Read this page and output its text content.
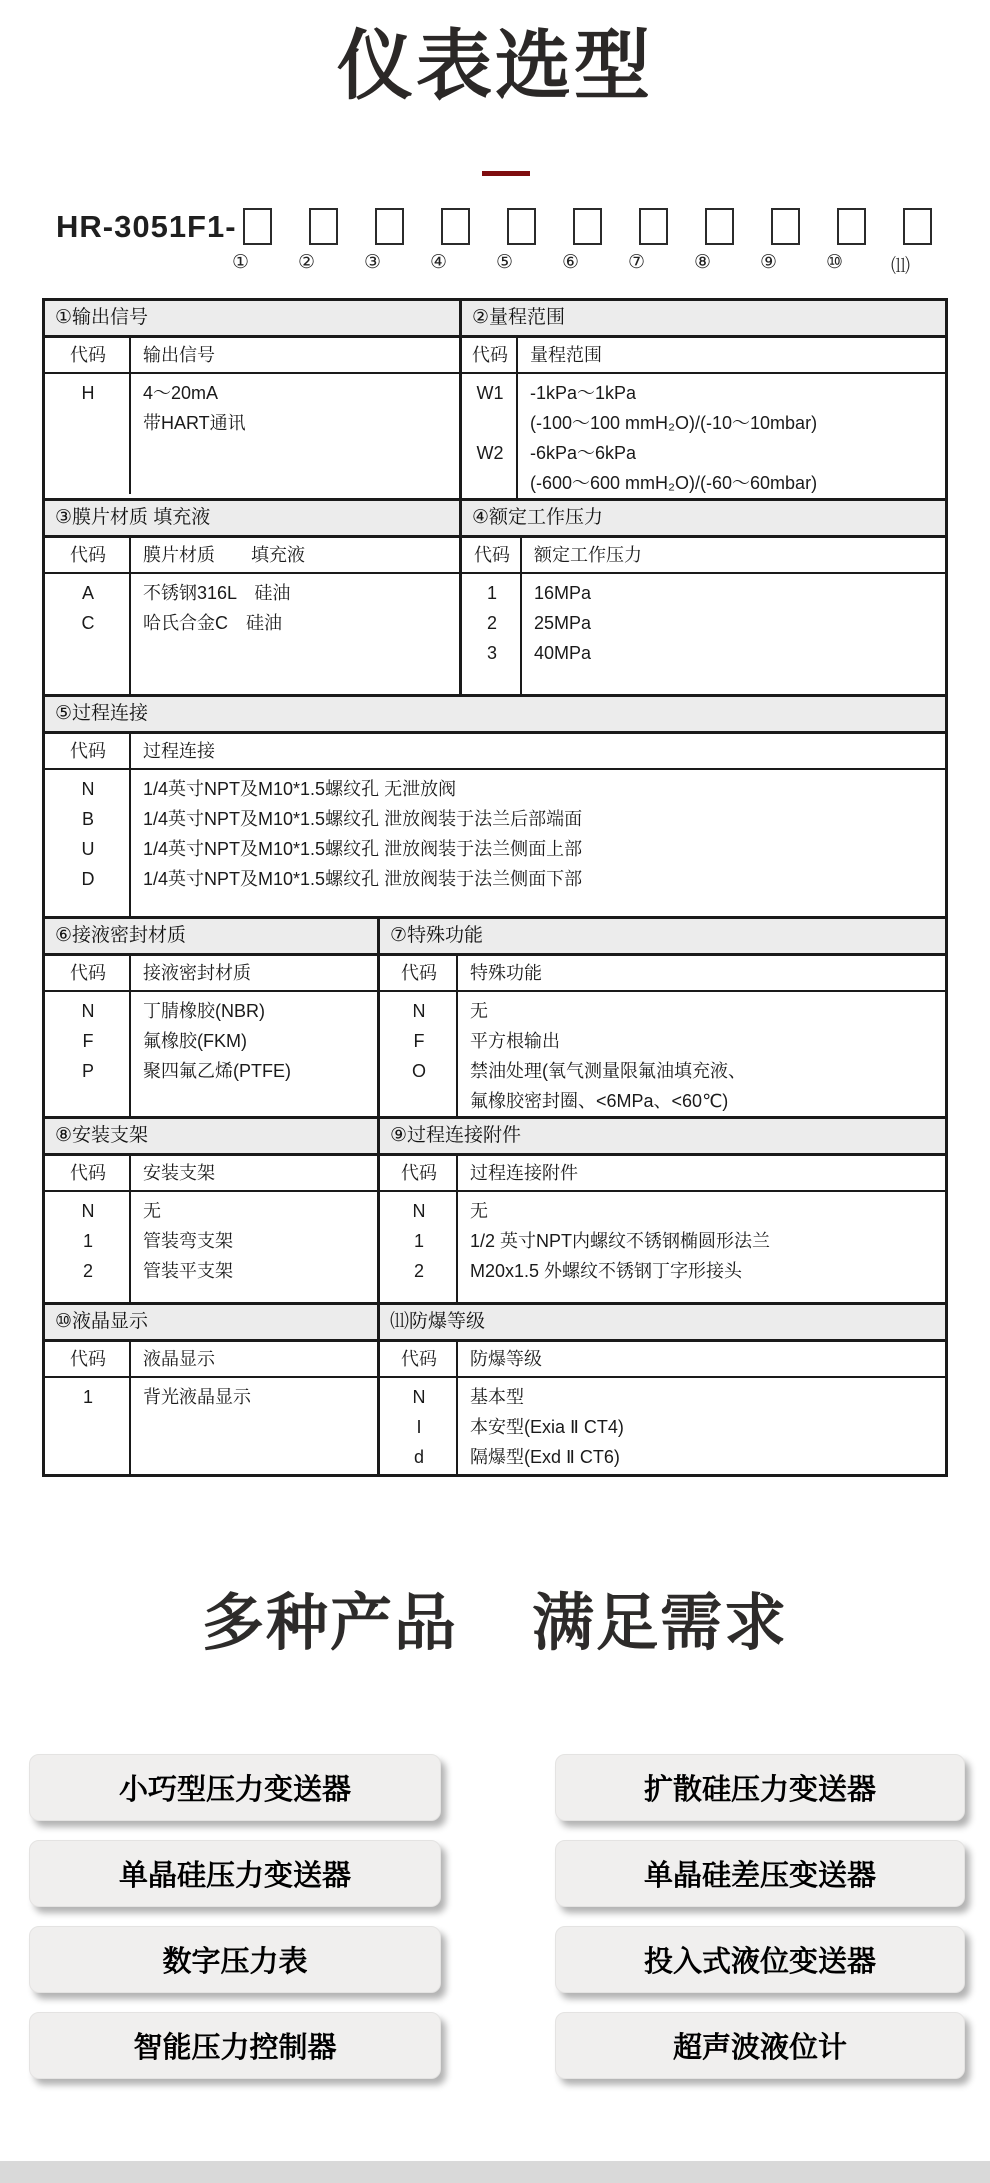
仪表选型
HR-3051F1-
①	②	③	④	⑤	⑥	⑦	⑧	⑨	⑩	⑾
①输出信号
代码	输出信号
H	4～20mA
带HART通讯
②量程范围
代码	量程范围
W1	-1kPa～1kPa
(-100～100 mmH₂O)/(-10～10mbar)
W2	-6kPa～6kPa
(-600～600 mmH₂O)/(-60～60mbar)
③膜片材质 填充液
代码	膜片材质　　填充液
A	不锈钢316L　硅油
C	哈氏合金C　硅油
④额定工作压力
代码	额定工作压力
1	16MPa
2	25MPa
3	40MPa
⑤过程连接
代码	过程连接
N	1/4英寸NPT及M10*1.5螺纹孔 无泄放阀
B	1/4英寸NPT及M10*1.5螺纹孔 泄放阀装于法兰后部端面
U	1/4英寸NPT及M10*1.5螺纹孔 泄放阀装于法兰侧面上部
D	1/4英寸NPT及M10*1.5螺纹孔 泄放阀装于法兰侧面下部
⑥接液密封材质
代码	接液密封材质
N	丁腈橡胶(NBR)
F	氟橡胶(FKM)
P	聚四氟乙烯(PTFE)
⑦特殊功能
代码	特殊功能
N	无
F	平方根输出
O	禁油处理(氧气测量限氟油填充液、
氟橡胶密封圈、<6MPa、<60℃)
⑧安装支架
代码	安装支架
N	无
1	管装弯支架
2	管装平支架
⑨过程连接附件
代码	过程连接附件
N	无
1	1/2 英寸NPT内螺纹不锈钢椭圆形法兰
2	M20x1.5 外螺纹不锈钢丁字形接头
⑩液晶显示
代码	液晶显示
1	背光液晶显示
⑾防爆等级
代码	防爆等级
N	基本型
I	本安型(Exia Ⅱ CT4)
d	隔爆型(Exd Ⅱ CT6)
多种产品 满足需求
小巧型压力变送器	扩散硅压力变送器
单晶硅压力变送器	单晶硅差压变送器
数字压力表	投入式液位变送器
智能压力控制器	超声波液位计
